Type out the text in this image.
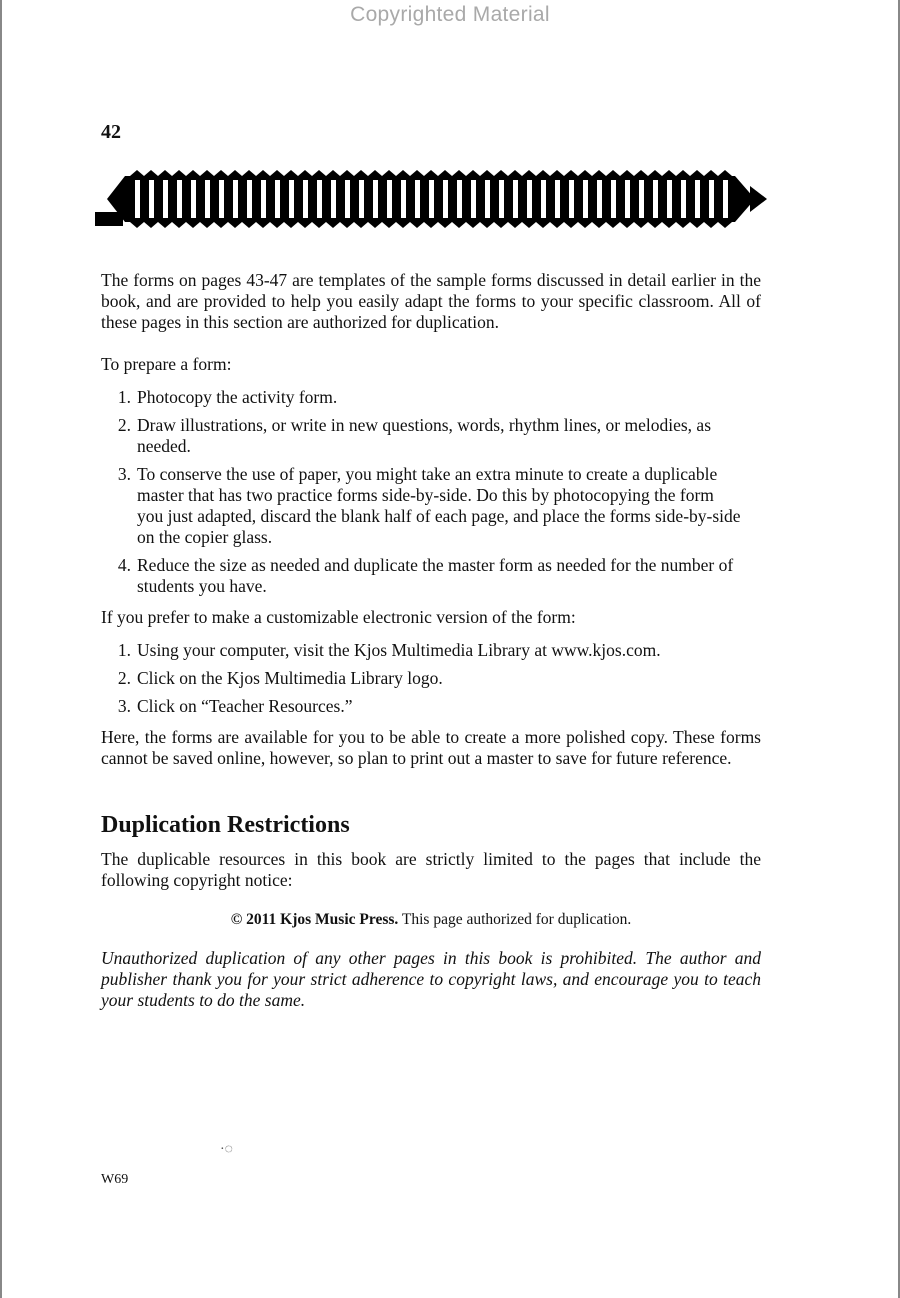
Copyrighted Material
42

The forms on pages 43-47 are templates of the sample forms discussed in detail earlier in the book, and are provided to help you easily adapt the forms to your specific classroom. All of these pages in this section are authorized for duplication.

To prepare a form:

1. Photocopy the activity form.
2. Draw illustrations, or write in new questions, words, rhythm lines, or melodies, as needed.
3. To conserve the use of paper, you might take an extra minute to create a duplicable master that has two practice forms side-by-side. Do this by photocopying the form you just adapted, discard the blank half of each page, and place the forms side-by-side on the copier glass.
4. Reduce the size as needed and duplicate the master form as needed for the number of students you have.

If you prefer to make a customizable electronic version of the form:

1. Using your computer, visit the Kjos Multimedia Library at www.kjos.com.
2. Click on the Kjos Multimedia Library logo.
3. Click on “Teacher Resources.”

Here, the forms are available for you to be able to create a more polished copy. These forms cannot be saved online, however, so plan to print out a master to save for future reference.

Duplication Restrictions

The duplicable resources in this book are strictly limited to the pages that include the following copyright notice:

© 2011 Kjos Music Press. This page authorized for duplication.

Unauthorized duplication of any other pages in this book is prohibited. The author and publisher thank you for your strict adherence to copyright laws, and encourage you to teach your students to do the same.

·◌
W69
